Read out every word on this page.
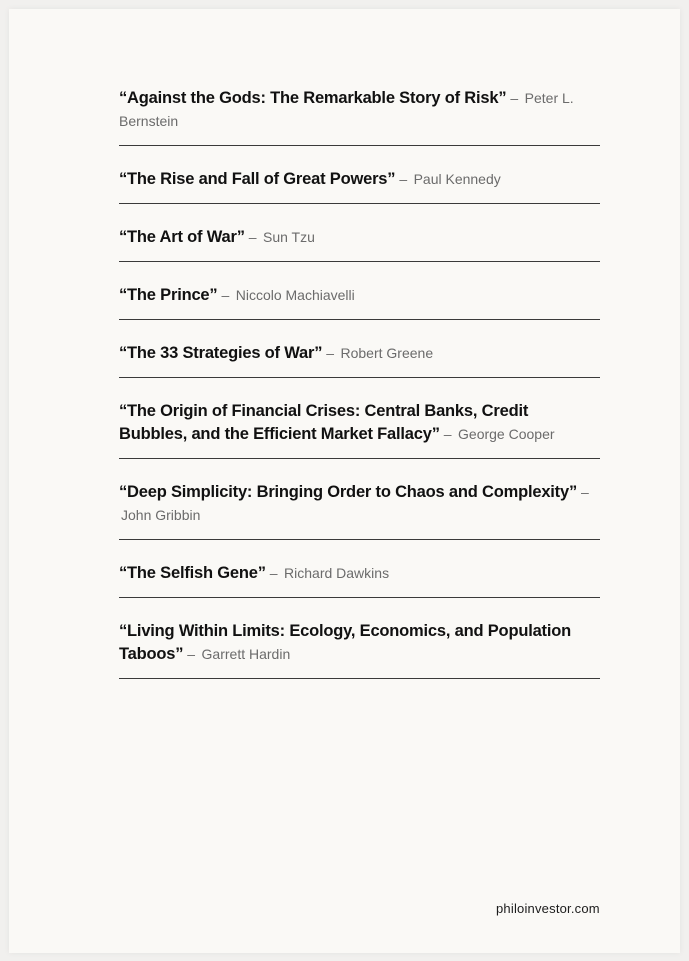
“Against the Gods: The Remarkable Story of Risk” – Peter L. Bernstein
“The Rise and Fall of Great Powers” – Paul Kennedy
“The Art of War” – Sun Tzu
“The Prince” – Niccolo Machiavelli
“The 33 Strategies of War” – Robert Greene
“The Origin of Financial Crises: Central Banks, Credit Bubbles, and the Efficient Market Fallacy” – George Cooper
“Deep Simplicity: Bringing Order to Chaos and Complexity” – John Gribbin
“The Selfish Gene” – Richard Dawkins
“Living Within Limits: Ecology, Economics, and Population Taboos” – Garrett Hardin
philoinvestor.com
